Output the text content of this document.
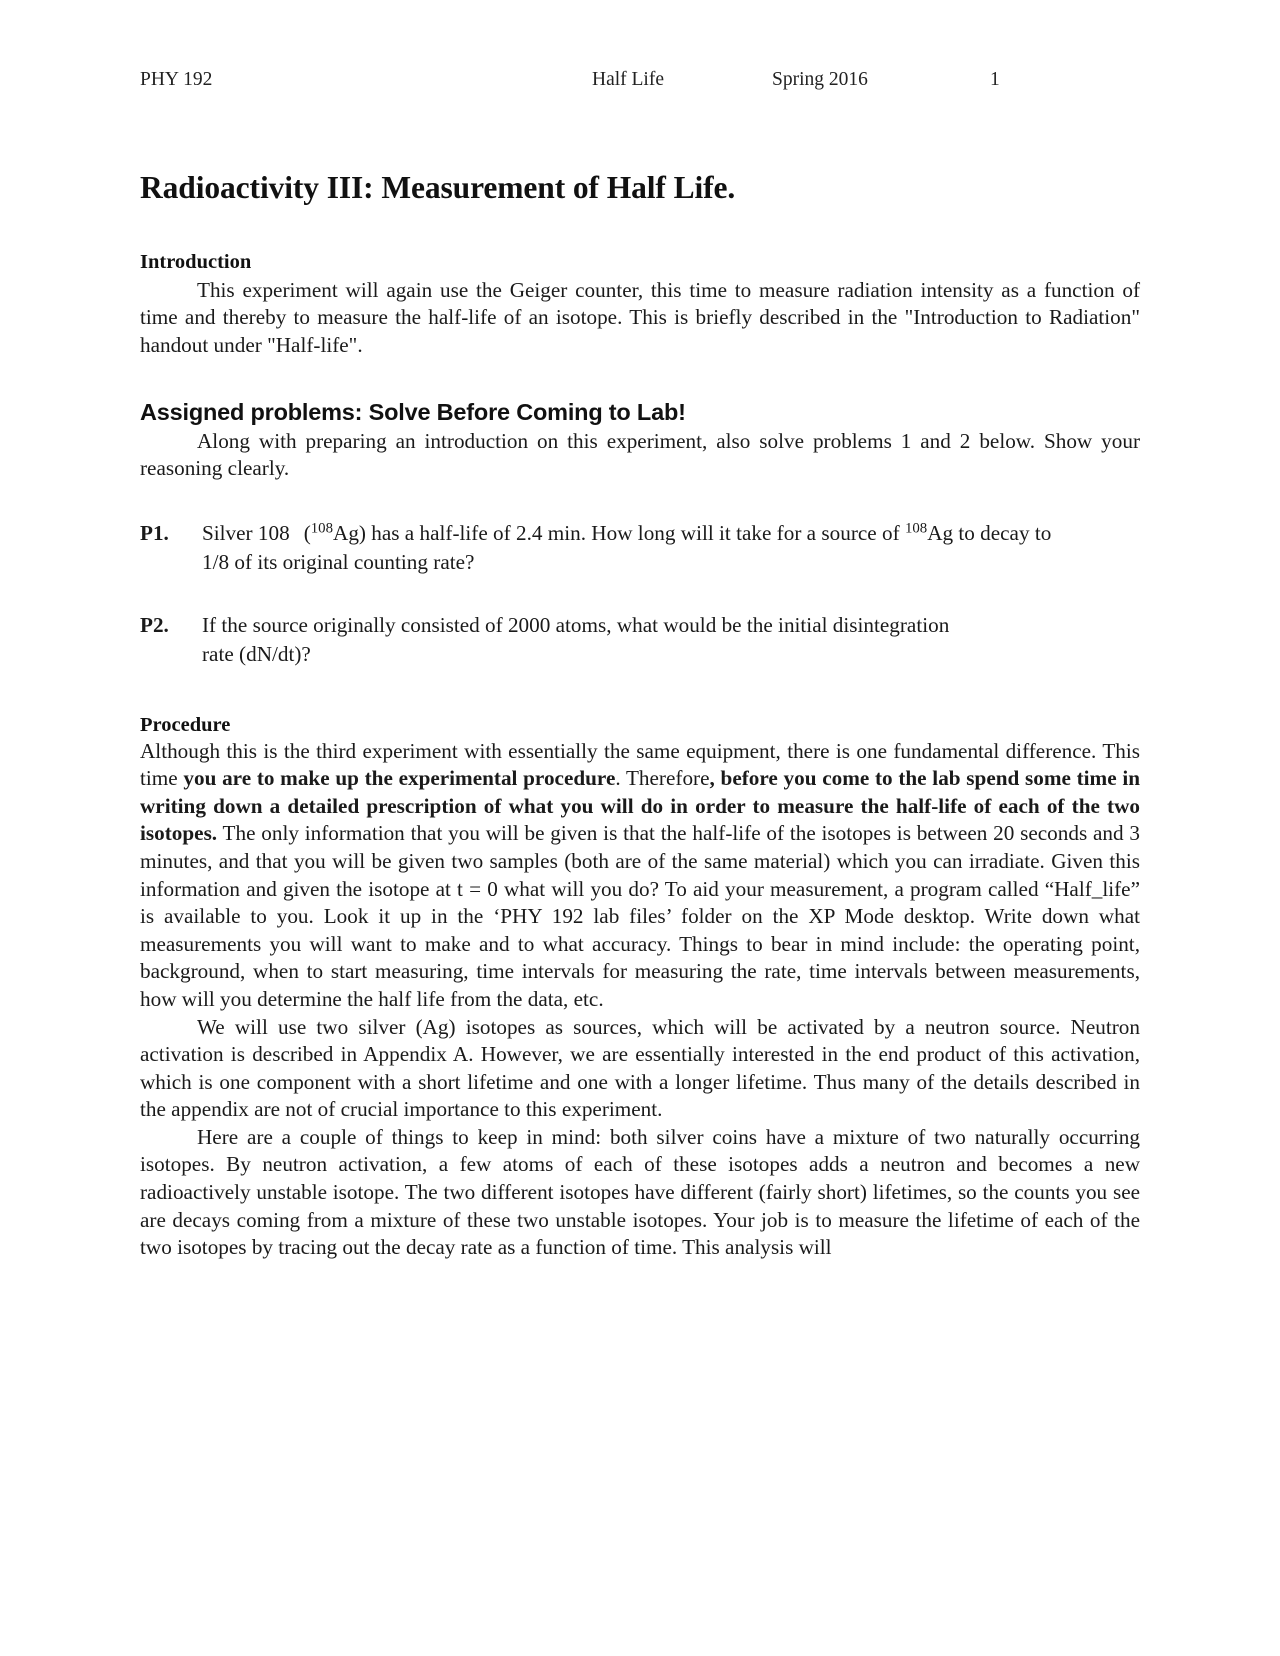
PHY 192	Half Life	Spring 2016	1
Radioactivity III: Measurement of Half Life.
Introduction

This experiment will again use the Geiger counter, this time to measure radiation intensity as a function of time and thereby to measure the half-life of an isotope. This is briefly described in the "Introduction to Radiation" handout under "Half-life".

Assigned problems: Solve Before Coming to Lab!

Along with preparing an introduction on this experiment, also solve problems 1 and 2 below. Show your reasoning clearly.

P1.	Silver 108 ($^{108}$Ag) has a half-life of 2.4 min. How long will it take for a source of $^{108}$Ag to decay to 1/8 of its original counting rate?
P2.	If the source originally consisted of 2000 atoms, what would be the initial disintegration rate (dN/dt)?
Procedure

Although this is the third experiment with essentially the same equipment, there is one fundamental difference. This time you are to make up the experimental procedure. Therefore, before you come to the lab spend some time in writing down a detailed prescription of what you will do in order to measure the half-life of each of the two isotopes. The only information that you will be given is that the half-life of the isotopes is between 20 seconds and 3 minutes, and that you will be given two samples (both are of the same material) which you can irradiate. Given this information and given the isotope at t = 0 what will you do? To aid your measurement, a program called “Half_life” is available to you. Look it up in the ‘PHY 192 lab files’ folder on the XP Mode desktop. Write down what measurements you will want to make and to what accuracy. Things to bear in mind include: the operating point, background, when to start measuring, time intervals for measuring the rate, time intervals between measurements, how will you determine the half life from the data, etc.

We will use two silver (Ag) isotopes as sources, which will be activated by a neutron source. Neutron activation is described in Appendix A. However, we are essentially interested in the end product of this activation, which is one component with a short lifetime and one with a longer lifetime. Thus many of the details described in the appendix are not of crucial importance to this experiment.

Here are a couple of things to keep in mind: both silver coins have a mixture of two naturally occurring isotopes. By neutron activation, a few atoms of each of these isotopes adds a neutron and becomes a new radioactively unstable isotope. The two different isotopes have different (fairly short) lifetimes, so the counts you see are decays coming from a mixture of these two unstable isotopes. Your job is to measure the lifetime of each of the two isotopes by tracing out the decay rate as a function of time. This analysis will
